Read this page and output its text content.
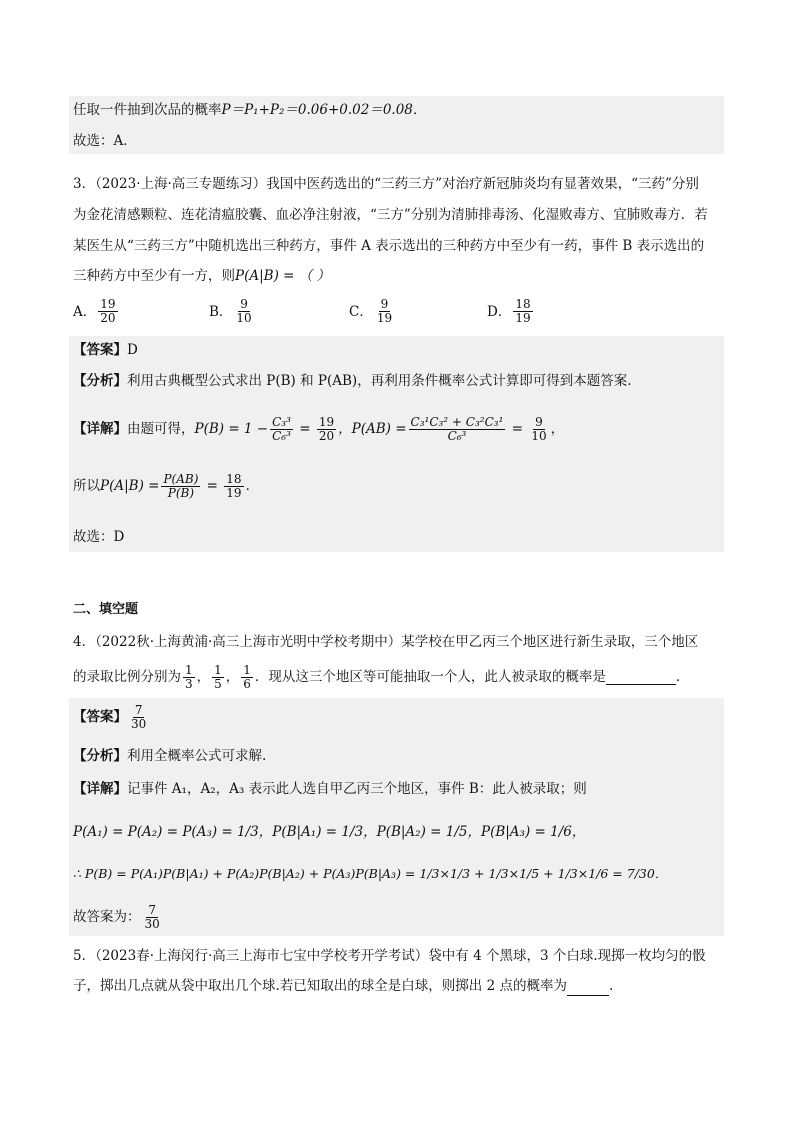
任取一件抽到次品的概率P＝P₁+P₂＝0.06+0.02＝0.08．
故选：A．
3．（2023·上海·高三专题练习）我国中医药选出的“三药三方”对治疗新冠肺炎均有显著效果，“三药”分别
为金花清感颗粒、连花清瘟胶囊、血必净注射液，“三方”分别为清肺排毒汤、化湿败毒方、宜肺败毒方．若
某医生从“三药三方”中随机选出三种药方，事件 A 表示选出的三种药方中至少有一药，事件 B 表示选出的
三种药方中至少有一方，则P(A|B) = （ ）
A． $\frac{19}{20}$	B． $\frac{9}{10}$	C． $\frac{9}{19}$	D． $\frac{18}{19}$
【答案】D
【分析】利用古典概型公式求出 P(B) 和 P(AB)，再利用条件概率公式计算即可得到本题答案.
【详解】 由题可得， $P(B) = 1 - \frac{\text{C₃³}}{\text{C₆³}} = \frac{19}{20}$ ，$P(AB) = \frac{\text{C₃¹C₃² + C₃²C₃¹}}{\text{C₆³}} = \frac{9}{10}$ ，
所以 $P(A|B) = \frac{P(AB)}{P(B)} = \frac{18}{19}$ ．
故选：D
二、填空题
4．（2022秋·上海黄浦·高三上海市光明中学校考期中）某学校在甲乙丙三个地区进行新生录取，三个地区
的录取比例分别为 $\frac{1}{3}$ ， $\frac{1}{5}$ ， $\frac{1}{6}$ ．现从这三个地区等可能抽取一个人，此人被录取的概率是	．
【答案】 $\frac{7}{30}$
【分析】利用全概率公式可求解.
【详解】记事件 A₁，A₂，A₃ 表示此人选自甲乙丙三个地区，事件 B：此人被录取；则
P(A₁) = P(A₂) = P(A₃) = 1/3，P(B|A₁) = 1/3，P(B|A₂) = 1/5，P(B|A₃) = 1/6，
∴ P(B) = P(A₁)P(B|A₁) + P(A₂)P(B|A₂) + P(A₃)P(B|A₃) = 1/3×1/3 + 1/3×1/5 + 1/3×1/6 = 7/30．
故答案为： $\frac{7}{30}$
5．（2023春·上海闵行·高三上海市七宝中学校考开学考试）袋中有 4 个黑球，3 个白球.现掷一枚均匀的骰
子，掷出几点就从袋中取出几个球.若已知取出的球全是白球，则掷出 2 点的概率为	.
